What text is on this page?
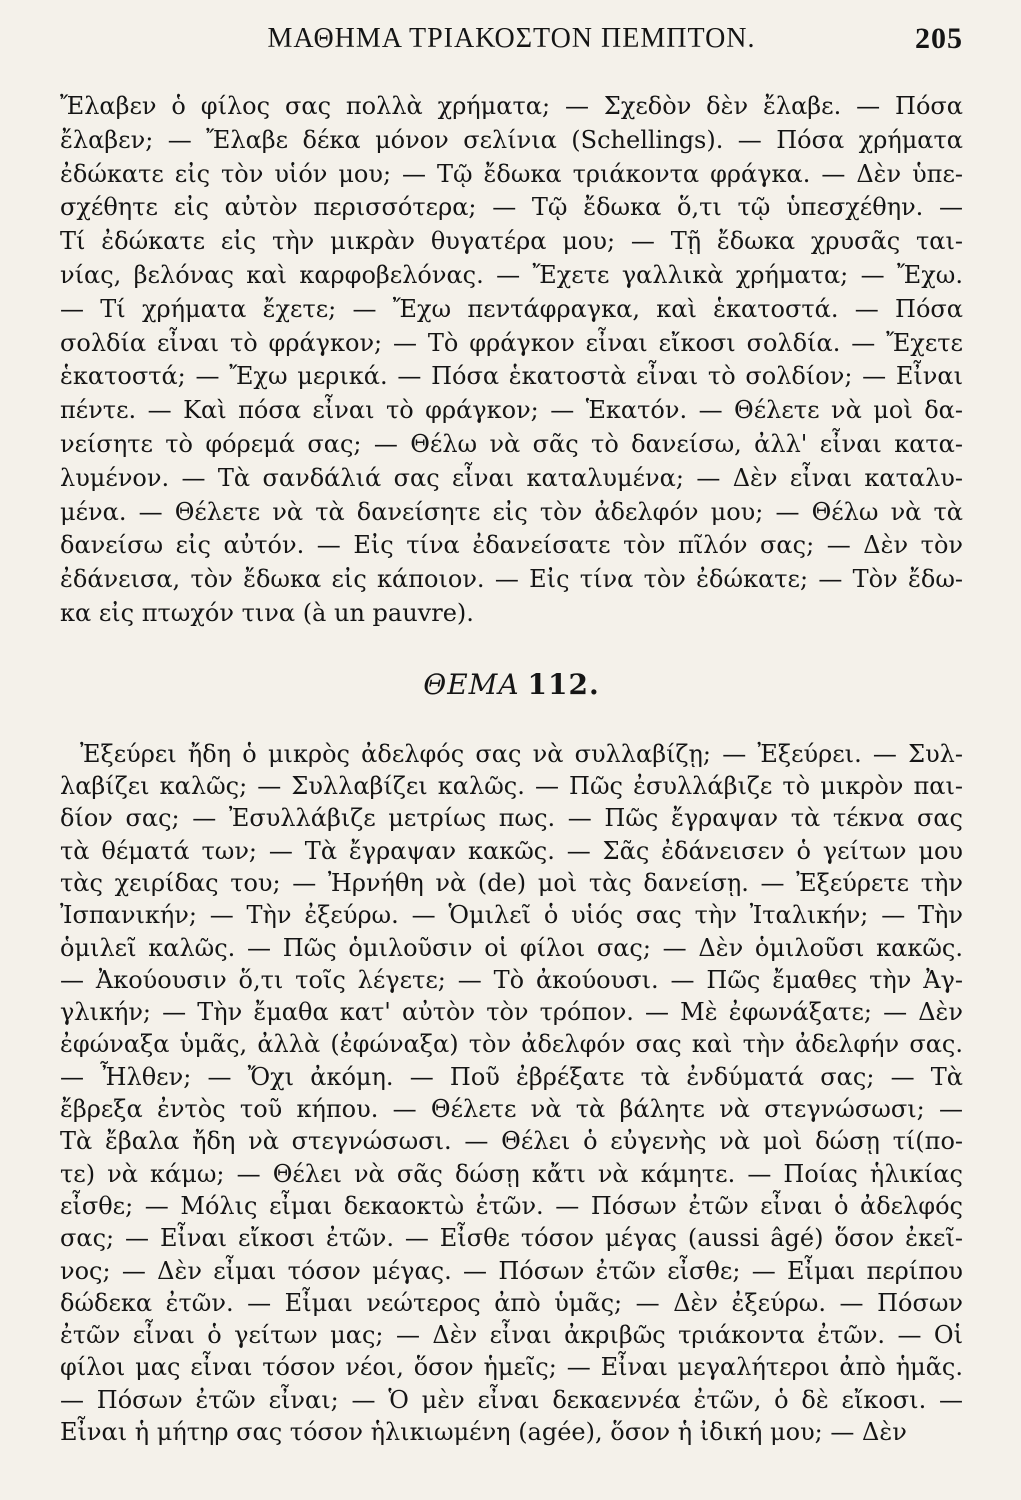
ΜΑΘΗΜΑ ΤΡΙΑΚΟΣΤΟΝ ΠΕΜΠΤΟΝ.	205
Ἔλαβεν ὁ φίλος σας πολλὰ χρήματα; — Σχεδὸν δὲν ἔλαβε. — Πόσα
ἔλαβεν; — Ἔλαβε δέκα μόνον σελίνια (Schellings). — Πόσα χρήματα
ἐδώκατε εἰς τὸν υἱόν μου; — Τῷ ἔδωκα τριάκοντα φράγκα. — Δὲν ὑπε-
σχέθητε εἰς αὐτὸν περισσότερα; — Τῷ ἔδωκα ὅ,τι τῷ ὑπεσχέθην. —
Τί ἐδώκατε εἰς τὴν μικρὰν θυγατέρα μου; — Τῇ ἔδωκα χρυσᾶς ται-
νίας, βελόνας καὶ καρφοβελόνας. — Ἔχετε γαλλικὰ χρήματα; — Ἔχω.
— Τί χρήματα ἔχετε; — Ἔχω πεντάφραγκα, καὶ ἑκατοστά. — Πόσα
σολδία εἶναι τὸ φράγκον; — Τὸ φράγκον εἶναι εἴκοσι σολδία. — Ἔχετε
ἑκατοστά; — Ἔχω μερικά. — Πόσα ἑκατοστὰ εἶναι τὸ σολδίον; — Εἶναι
πέντε. — Καὶ πόσα εἶναι τὸ φράγκον; — Ἑκατόν. — Θέλετε νὰ μοὶ δα-
νείσητε τὸ φόρεμά σας; — Θέλω νὰ σᾶς τὸ δανείσω, ἀλλ' εἶναι κατα-
λυμένον. — Τὰ σανδάλιά σας εἶναι καταλυμένα; — Δὲν εἶναι καταλυ-
μένα. — Θέλετε νὰ τὰ δανείσητε εἰς τὸν ἀδελφόν μου; — Θέλω νὰ τὰ
δανείσω εἰς αὐτόν. — Εἰς τίνα ἐδανείσατε τὸν πῖλόν σας; — Δὲν τὸν
ἐδάνεισα, τὸν ἔδωκα εἰς κάποιον. — Εἰς τίνα τὸν ἐδώκατε; — Τὸν ἔδω-
κα εἰς πτωχόν τινα (à un pauvre).
ΘΕΜΑ 112.
Ἐξεύρει ἤδη ὁ μικρὸς ἀδελφός σας νὰ συλλαβίζῃ; — Ἐξεύρει. — Συλ-
λαβίζει καλῶς; — Συλλαβίζει καλῶς. — Πῶς ἐσυλλάβιζε τὸ μικρὸν παι-
δίον σας; — Ἐσυλλάβιζε μετρίως πως. — Πῶς ἔγραψαν τὰ τέκνα σας
τὰ θέματά των; — Τὰ ἔγραψαν κακῶς. — Σᾶς ἐδάνεισεν ὁ γείτων μου
τὰς χειρίδας του; — Ἠρνήθη νὰ (de) μοὶ τὰς δανείσῃ. — Ἐξεύρετε τὴν
Ἰσπανικήν; — Τὴν ἐξεύρω. — Ὁμιλεῖ ὁ υἱός σας τὴν Ἰταλικήν; — Τὴν
ὁμιλεῖ καλῶς. — Πῶς ὁμιλοῦσιν οἱ φίλοι σας; — Δὲν ὁμιλοῦσι κακῶς.
— Ἀκούουσιν ὅ,τι τοῖς λέγετε; — Τὸ ἀκούουσι. — Πῶς ἔμαθες τὴν Ἀγ-
γλικήν; — Τὴν ἔμαθα κατ' αὐτὸν τὸν τρόπον. — Μὲ ἐφωνάξατε; — Δὲν
ἐφώναξα ὑμᾶς, ἀλλὰ (ἐφώναξα) τὸν ἀδελφόν σας καὶ τὴν ἀδελφήν σας.
— Ἦλθεν; — Ὄχι ἀκόμη. — Ποῦ ἐβρέξατε τὰ ἐνδύματά σας; — Τὰ
ἔβρεξα ἐντὸς τοῦ κήπου. — Θέλετε νὰ τὰ βάλητε νὰ στεγνώσωσι; —
Τὰ ἔβαλα ἤδη νὰ στεγνώσωσι. — Θέλει ὁ εὐγενὴς νὰ μοὶ δώσῃ τί(πο-
τε) νὰ κάμω; — Θέλει νὰ σᾶς δώσῃ κἄτι νὰ κάμητε. — Ποίας ἡλικίας
εἶσθε; — Μόλις εἶμαι δεκαοκτὼ ἐτῶν. — Πόσων ἐτῶν εἶναι ὁ ἀδελφός
σας; — Εἶναι εἴκοσι ἐτῶν. — Εἶσθε τόσον μέγας (aussi âgé) ὅσον ἐκεῖ-
νος; — Δὲν εἶμαι τόσον μέγας. — Πόσων ἐτῶν εἶσθε; — Εἶμαι περίπου
δώδεκα ἐτῶν. — Εἶμαι νεώτερος ἀπὸ ὑμᾶς; — Δὲν ἐξεύρω. — Πόσων
ἐτῶν εἶναι ὁ γείτων μας; — Δὲν εἶναι ἀκριβῶς τριάκοντα ἐτῶν. — Οἱ
φίλοι μας εἶναι τόσον νέοι, ὅσον ἡμεῖς; — Εἶναι μεγαλήτεροι ἀπὸ ἡμᾶς.
— Πόσων ἐτῶν εἶναι; — Ὁ μὲν εἶναι δεκαεννέα ἐτῶν, ὁ δὲ εἴκοσι. —
Εἶναι ἡ μήτηρ σας τόσον ἡλικιωμένη (agée), ὅσον ἡ ἰδική μου; — Δὲν
